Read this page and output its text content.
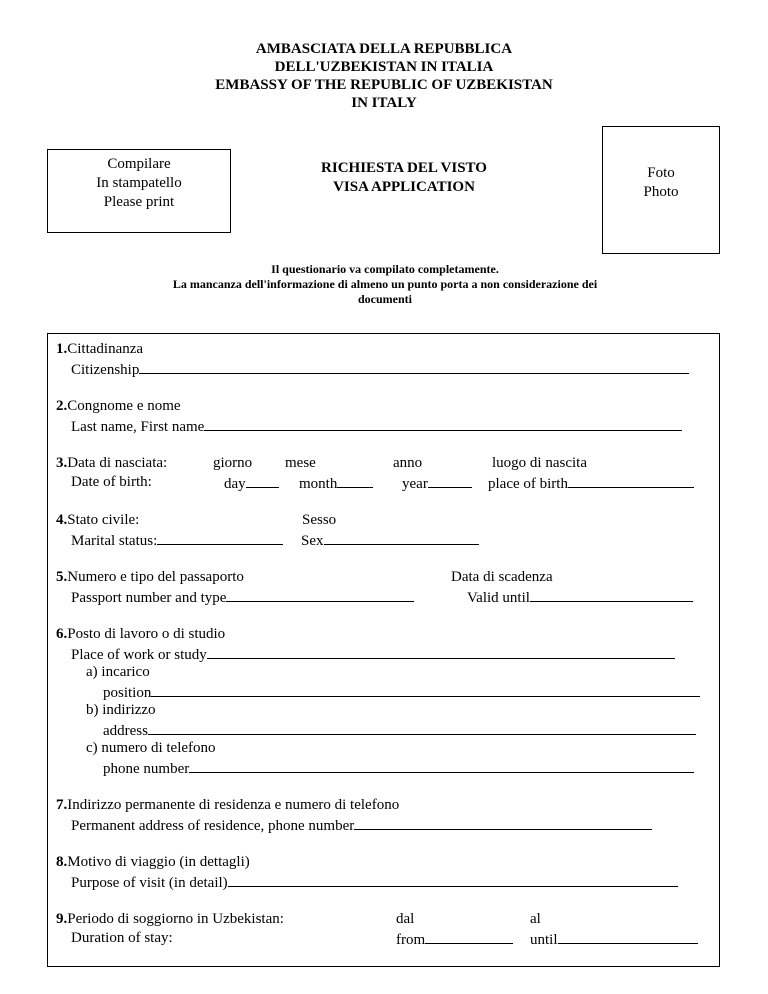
AMBASCIATA DELLA REPUBBLICA
DELL'UZBEKISTAN IN ITALIA
EMBASSY OF THE REPUBLIC OF UZBEKISTAN
IN ITALY
Compilare
In stampatello
Please print
RICHIESTA DEL VISTO
VISA APPLICATION
Foto
Photo
Il questionario va compilato completamente.
La mancanza dell'informazione di almeno un punto porta a non considerazione dei
documenti
1.Cittadinanza
Citizenship
2.Congnome e nome
Last name, First name
3.Data di nasciata:	giorno mese	anno	luogo di nascita
Date of birth:	day	month	year	place of birth
4.Stato civile:	Sesso
Marital status:	Sex
5.Numero e tipo del passaporto	Data di scadenza
Passport number and type	Valid until
6.Posto di lavoro o di studio
Place of work or study
a) incarico
position
b) indirizzo
address
c) numero di telefono
phone number
7.Indirizzo permanente di residenza e numero di telefono
Permanent address of residence, phone number
8.Motivo di viaggio (in dettagli)
Purpose of visit (in detail)
9.Periodo di soggiorno in Uzbekistan:	dal	al
Duration of stay:	from	until
